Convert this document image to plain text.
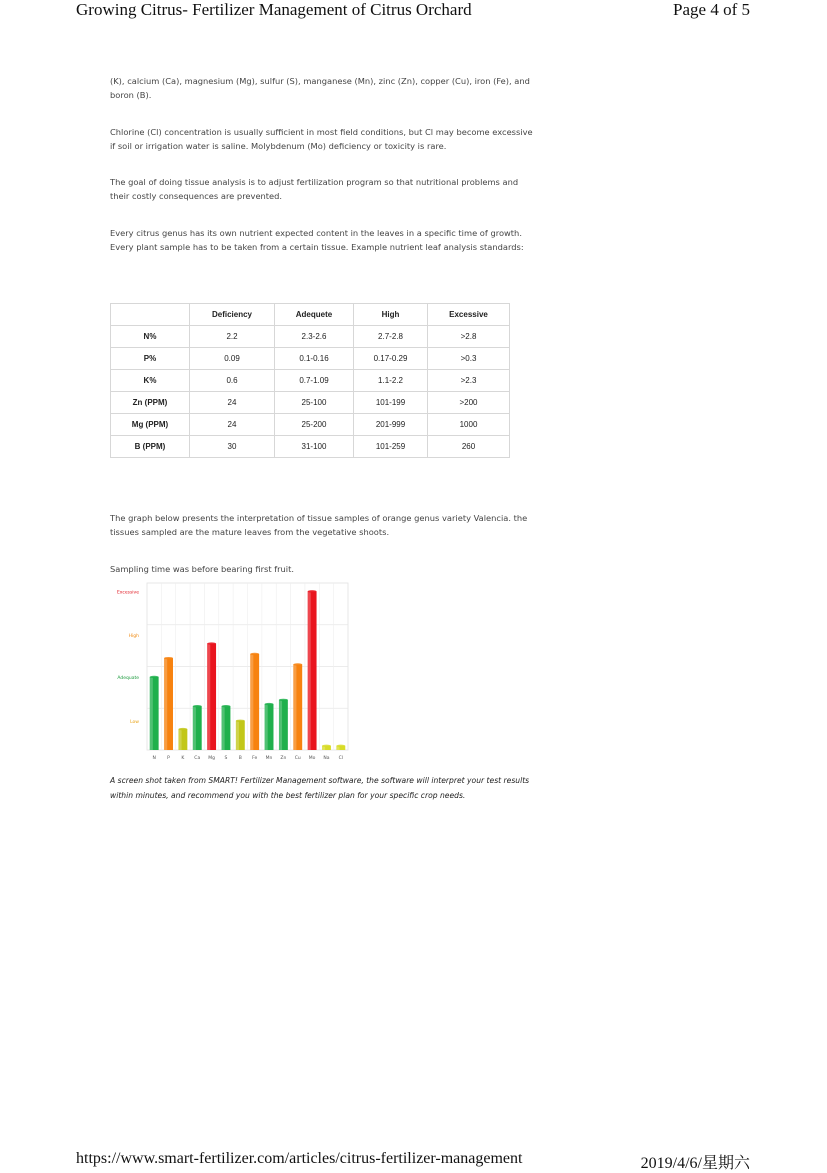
Growing Citrus- Fertilizer Management of Citrus Orchard	Page 4 of 5

(K), calcium (Ca), magnesium (Mg), sulfur (S), manganese (Mn), zinc (Zn), copper (Cu), iron (Fe), and boron (B).

Chlorine (Cl) concentration is usually sufficient in most field conditions, but Cl may become excessive if soil or irrigation water is saline. Molybdenum (Mo) deficiency or toxicity is rare.

The goal of doing tissue analysis is to adjust fertilization program so that nutritional problems and their costly consequences are prevented.

Every citrus genus has its own nutrient expected content in the leaves in a specific time of growth. Every plant sample has to be taken from a certain tissue. Example nutrient leaf analysis standards:

	Deficiency	Adequete	High	Excessive
N%	2.2	2.3-2.6	2.7-2.8	>2.8
P%	0.09	0.1-0.16	0.17-0.29	>0.3
K%	0.6	0.7-1.09	1.1-2.2	>2.3
Zn (PPM)	24	25-100	101-199	>200
Mg (PPM)	24	25-200	201-999	1000
B (PPM)	30	31-100	101-259	260

The graph below presents the interpretation of tissue samples of orange genus variety Valencia. the tissues sampled are the mature leaves from the vegetative shoots.

Sampling time was before bearing first fruit.

Excessive
High
Adequate
Low
N	P	K Ca Mg S	B Fe Mn Zn Cu Mo Na Cl

A screen shot taken from SMART! Fertilizer Management software, the software will interpret your test results within minutes, and recommend you with the best fertilizer plan for your specific crop needs.

https://www.smart-fertilizer.com/articles/citrus-fertilizer-management	2019/4/6/星期六
